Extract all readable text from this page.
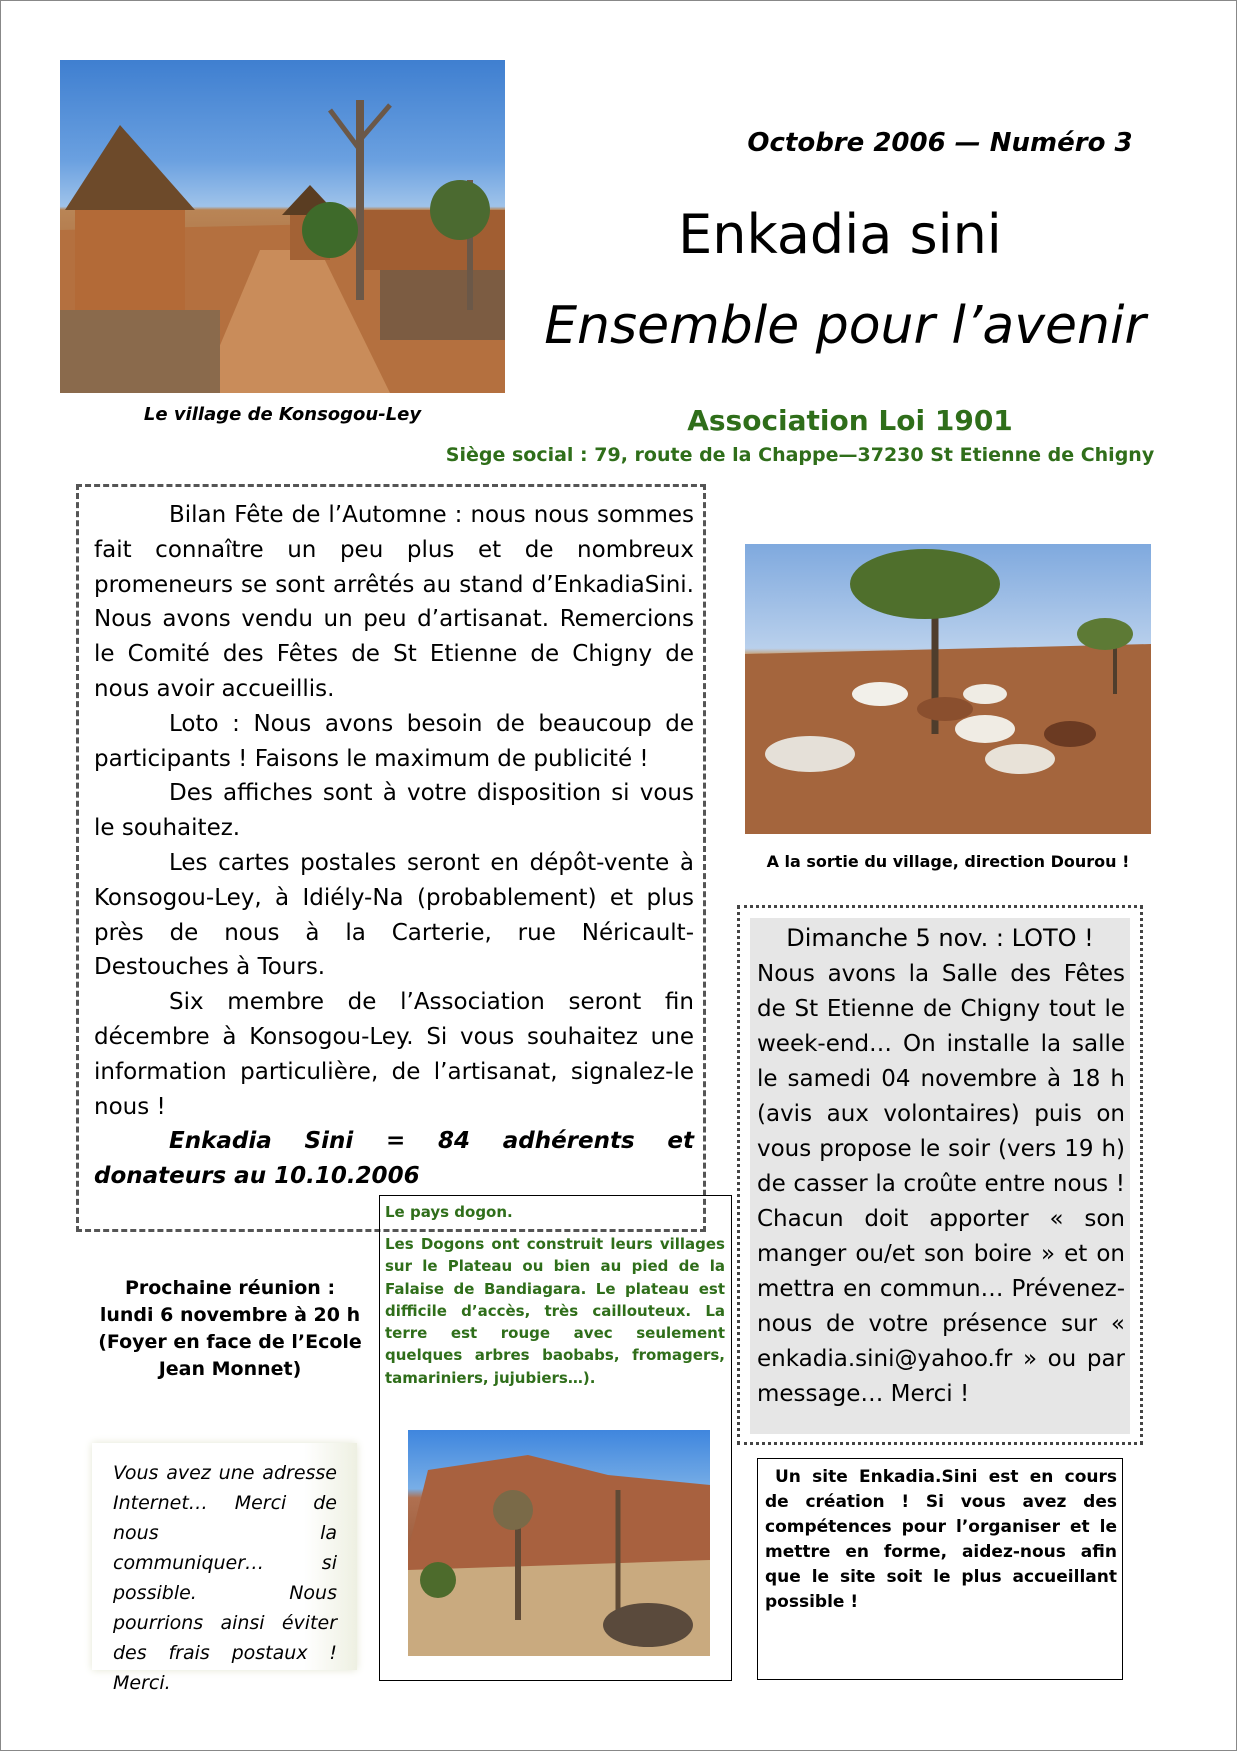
Le village de Konsogou-Ley
Octobre 2006 — Numéro 3
Enkadia sini
Ensemble pour l’avenir
Association Loi 1901
Siège social : 79, route de la Chappe—37230 St Etienne de Chigny

Bilan Fête de l’Automne : nous nous sommes fait connaître un peu plus et de nombreux promeneurs se sont arrêtés au stand d’EnkadiaSini. Nous avons vendu un peu d’artisanat. Remercions le Comité des Fêtes de St Etienne de Chigny de nous avoir accueillis.

Loto : Nous avons besoin de beaucoup de participants ! Faisons le maximum de publicité !

Des affiches sont à votre disposition si vous le souhaitez.

Les cartes postales seront en dépôt-vente à Konsogou-Ley, à Idiély-Na (probablement) et plus près de nous à la Carterie, rue Néricault-Destouches à Tours.

Six membre de l’Association seront fin décembre à Konsogou-Ley. Si vous souhaitez une information particulière, de l’artisanat, signalez-le nous !

Enkadia Sini = 84 adhérents et donateurs au 10.10.2006

Prochaine réunion :
lundi 6 novembre à 20 h
(Foyer en face de l’Ecole Jean Monnet)
Vous avez une adresse Internet… Merci de nous la communiquer… si possible. Nous pourrions ainsi éviter des frais postaux ! Merci.
Le pays dogon.
Les Dogons ont construit leurs villages sur le Plateau ou bien au pied de la Falaise de Bandiagara. Le plateau est difficile d’accès, très caillouteux. La terre est rouge avec seulement quelques arbres baobabs, fromagers, tamariniers, jujubiers…).
A la sortie du village, direction Dourou !
Dimanche 5 nov. : LOTO !
Nous avons la Salle des Fêtes de St Etienne de Chigny tout le week-end… On installe la salle le samedi 04 novembre à 18 h (avis aux volontaires) puis on vous propose le soir (vers 19 h) de casser la croûte entre nous ! Chacun doit apporter « son manger ou/et son boire » et on mettra en commun… Prévenez-nous de votre présence sur « enkadia.sini@yahoo.fr » ou par message… Merci !
Un site Enkadia.Sini est en cours de création ! Si vous avez des compétences pour l’organiser et le mettre en forme, aidez-nous afin que le site soit le plus accueillant possible !
